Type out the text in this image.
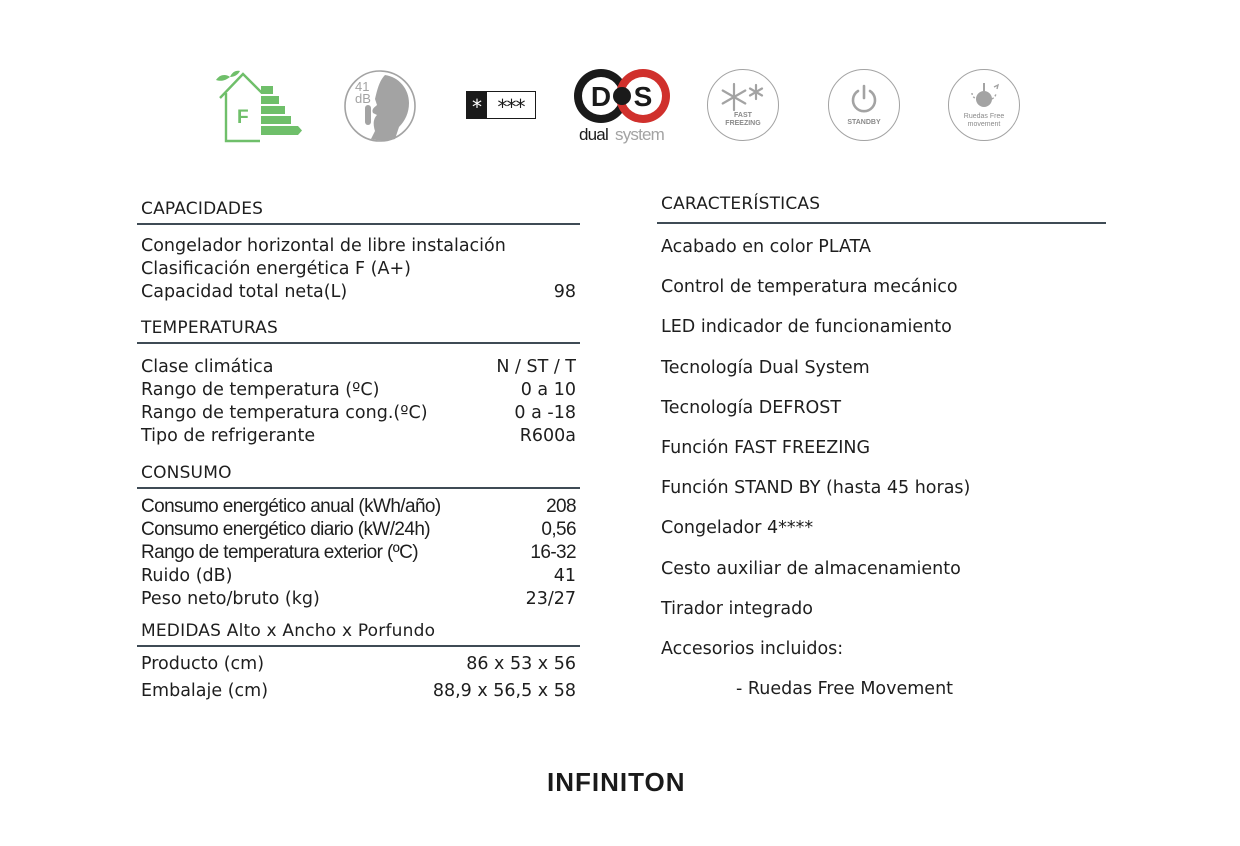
F
41
dB	* ***	D S
dual system
FAST
FREEZING	STANDBY
Ruedas Free
movement
CAPACIDADES
Congelador horizontal de libre instalación
Clasificación energética F (A+)
Capacidad total neta(L)	98
TEMPERATURAS
Clase climática	N / ST / T
Rango de temperatura (ºC)	0 a 10
Rango de temperatura cong.(ºC)	0 a -18
Tipo de refrigerante	R600a
CONSUMO
Consumo energético anual (kWh/año)	208
Consumo energético diario (kW/24h)	0,56
Rango de temperatura exterior (ºC)	16-32
Ruido (dB)	41
Peso neto/bruto (kg)	23/27
MEDIDAS Alto x Ancho x Porfundo
Producto (cm)	86 x 53 x 56
Embalaje (cm)	88,9 x 56,5 x 58
CARACTERÍSTICAS
Acabado en color PLATA
Control de temperatura mecánico
LED indicador de funcionamiento
Tecnología Dual System
Tecnología DEFROST
Función FAST FREEZING
Función STAND BY (hasta 45 horas)
Congelador 4****
Cesto auxiliar de almacenamiento
Tirador integrado
Accesorios incluidos:
- Ruedas Free Movement
INFINITON
